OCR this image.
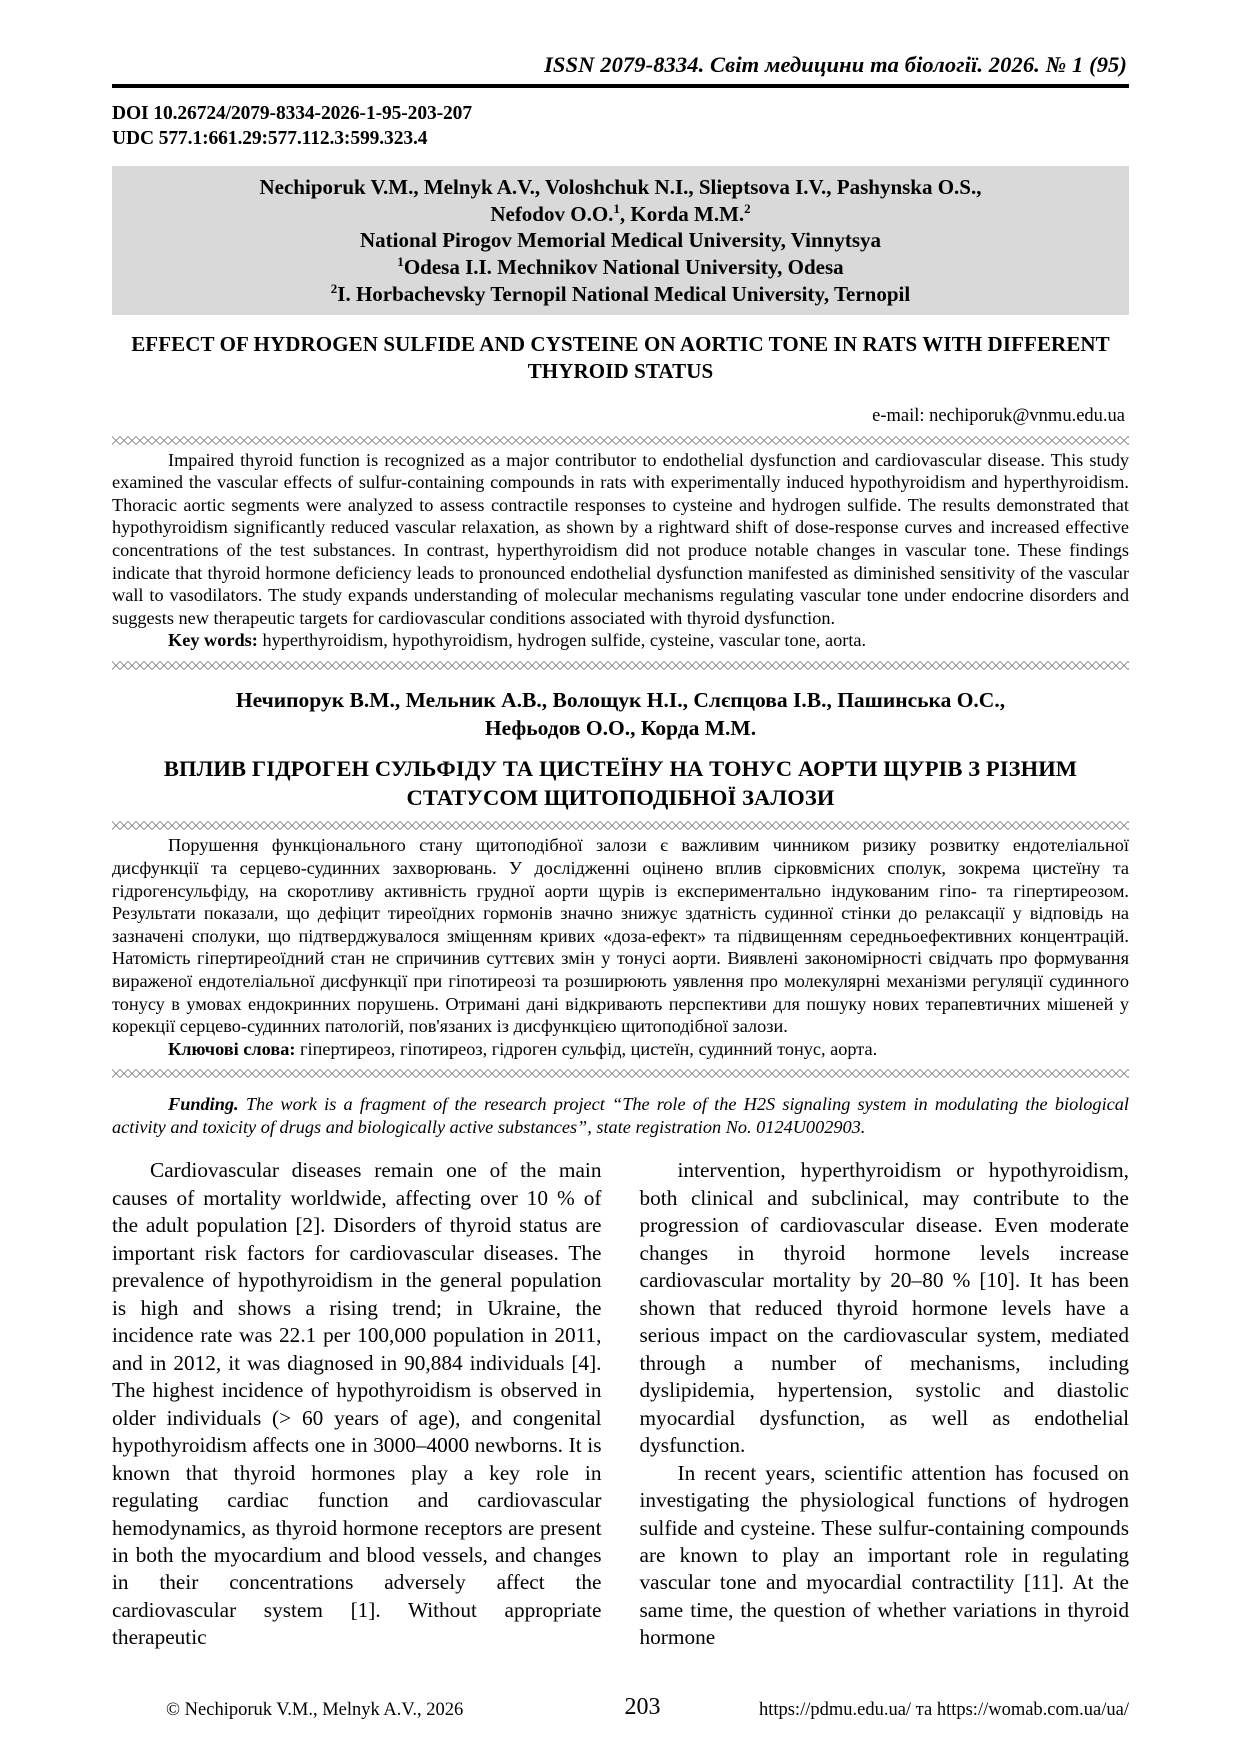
ISSN 2079-8334. Світ медицини та біології. 2026. № 1 (95)
DOI 10.26724/2079-8334-2026-1-95-203-207
UDC 577.1:661.29:577.112.3:599.323.4
Nechiporuk V.M., Melnyk A.V., Voloshchuk N.I., Slieptsova I.V., Pashynska O.S.,
Nefodov O.O.$^1$, Korda M.M.$^2$
National Pirogov Memorial Medical University, Vinnytsya
$^1$Odesa I.I. Mechnikov National University, Odesa
$^2$I. Horbachevsky Ternopil National Medical University, Ternopil
EFFECT OF HYDROGEN SULFIDE AND CYSTEINE ON AORTIC TONE IN RATS WITH DIFFERENT THYROID STATUS
e-mail: nechiporuk@vnmu.edu.ua

Impaired thyroid function is recognized as a major contributor to endothelial dysfunction and cardiovascular disease. This study examined the vascular effects of sulfur-containing compounds in rats with experimentally induced hypothyroidism and hyperthyroidism. Thoracic aortic segments were analyzed to assess contractile responses to cysteine and hydrogen sulfide. The results demonstrated that hypothyroidism significantly reduced vascular relaxation, as shown by a rightward shift of dose-response curves and increased effective concentrations of the test substances. In contrast, hyperthyroidism did not produce notable changes in vascular tone. These findings indicate that thyroid hormone deficiency leads to pronounced endothelial dysfunction manifested as diminished sensitivity of the vascular wall to vasodilators. The study expands understanding of molecular mechanisms regulating vascular tone under endocrine disorders and suggests new therapeutic targets for cardiovascular conditions associated with thyroid dysfunction.

Key words: hyperthyroidism, hypothyroidism, hydrogen sulfide, cysteine, vascular tone, aorta.

Нечипорук В.М., Мельник А.В., Волощук Н.І., Слєпцова І.В., Пашинська О.С.,
Нефьодов О.О., Корда М.М.
ВПЛИВ ГІДРОГЕН СУЛЬФІДУ ТА ЦИСТЕЇНУ НА ТОНУС АОРТИ ЩУРІВ З РІЗНИМ СТАТУСОМ ЩИТОПОДІБНОЇ ЗАЛОЗИ

Порушення функціонального стану щитоподібної залози є важливим чинником ризику розвитку ендотеліальної дисфункції та серцево-судинних захворювань. У дослідженні оцінено вплив сірковмісних сполук, зокрема цистеїну та гідрогенсульфіду, на скоротливу активність грудної аорти щурів із експериментально індукованим гіпо- та гіпертиреозом. Результати показали, що дефіцит тиреоїдних гормонів значно знижує здатність судинної стінки до релаксації у відповідь на зазначені сполуки, що підтверджувалося зміщенням кривих «доза-ефект» та підвищенням середньоефективних концентрацій. Натомість гіпертиреоїдний стан не спричинив суттєвих змін у тонусі аорти. Виявлені закономірності свідчать про формування вираженої ендотеліальної дисфункції при гіпотиреозі та розширюють уявлення про молекулярні механізми регуляції судинного тонусу в умовах ендокринних порушень. Отримані дані відкривають перспективи для пошуку нових терапевтичних мішеней у корекції серцево-судинних патологій, пов'язаних із дисфункцією щитоподібної залози.

Ключові слова: гіпертиреоз, гіпотиреоз, гідроген сульфід, цистеїн, судинний тонус, аорта.

Funding. The work is a fragment of the research project “The role of the H2S signaling system in modulating the biological activity and toxicity of drugs and biologically active substances”, state registration No. 0124U002903.

Cardiovascular diseases remain one of the main causes of mortality worldwide, affecting over 10 % of the adult population [2]. Disorders of thyroid status are important risk factors for cardiovascular diseases. The prevalence of hypothyroidism in the general population is high and shows a rising trend; in Ukraine, the incidence rate was 22.1 per 100,000 population in 2011, and in 2012, it was diagnosed in 90,884 individuals [4]. The highest incidence of hypothyroidism is observed in older individuals (> 60 years of age), and congenital hypothyroidism affects one in 3000–4000 newborns. It is known that thyroid hormones play a key role in regulating cardiac function and cardiovascular hemodynamics, as thyroid hormone receptors are present in both the myocardium and blood vessels, and changes in their concentrations adversely affect the cardiovascular system [1]. Without appropriate therapeutic

intervention, hyperthyroidism or hypothyroidism, both clinical and subclinical, may contribute to the progression of cardiovascular disease. Even moderate changes in thyroid hormone levels increase cardiovascular mortality by 20–80 % [10]. It has been shown that reduced thyroid hormone levels have a serious impact on the cardiovascular system, mediated through a number of mechanisms, including dyslipidemia, hypertension, systolic and diastolic myocardial dysfunction, as well as endothelial dysfunction.

In recent years, scientific attention has focused on investigating the physiological functions of hydrogen sulfide and cysteine. These sulfur-containing compounds are known to play an important role in regulating vascular tone and myocardial contractility [11]. At the same time, the question of whether variations in thyroid hormone

© Nechiporuk V.M., Melnyk A.V., 2026	203	https://pdmu.edu.ua/ та https://womab.com.ua/ua/
